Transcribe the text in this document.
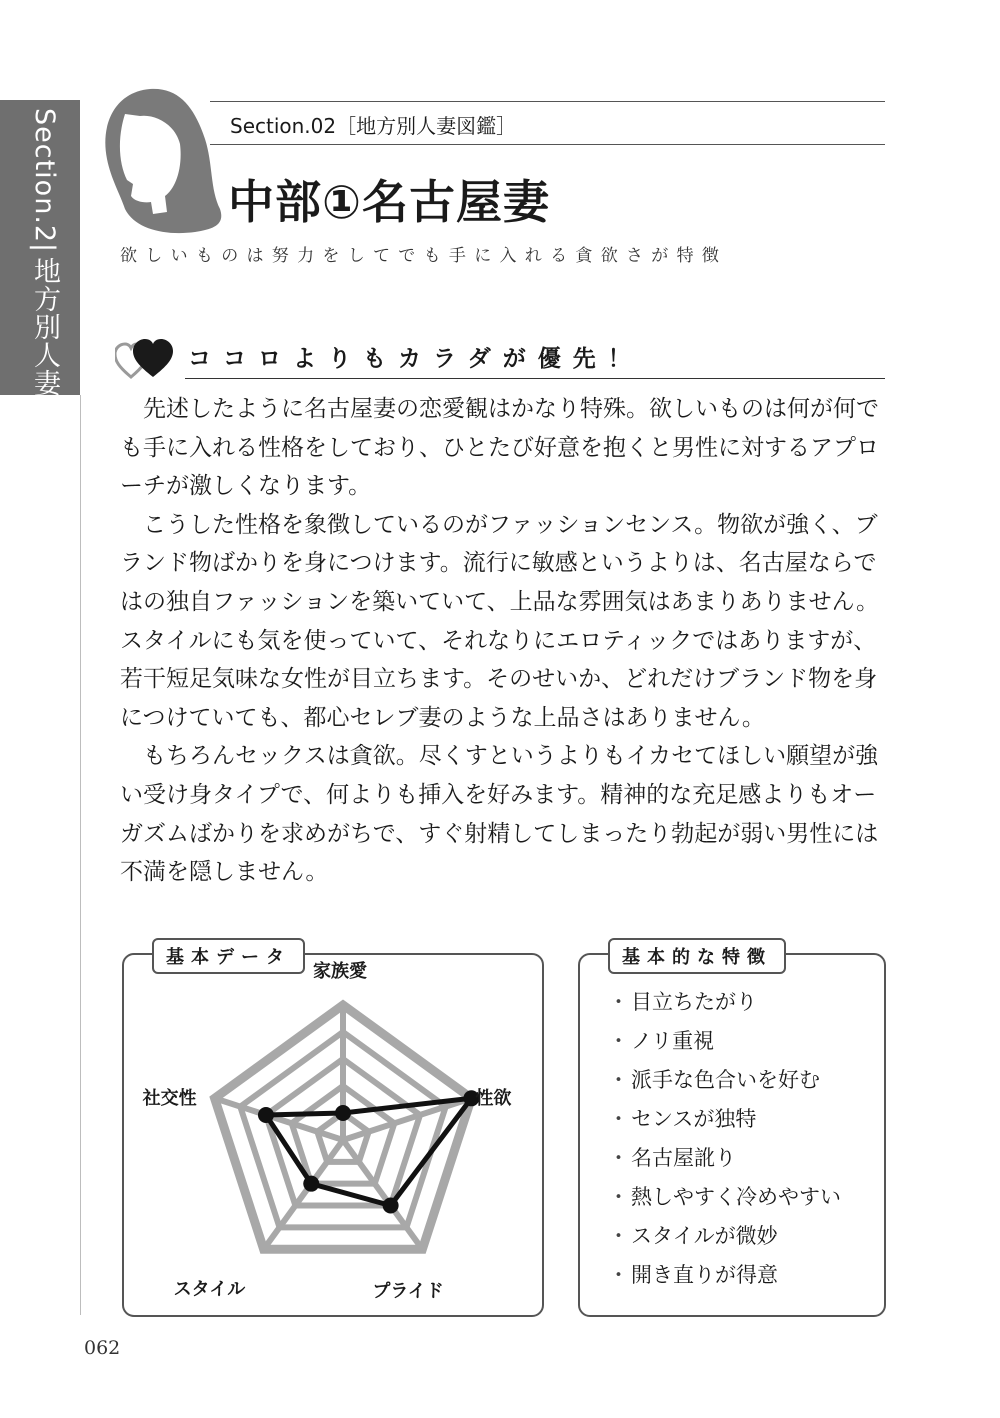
Section.2|地方別人妻図鑑
Section.02［地方別人妻図鑑］
中部①名古屋妻
欲しいものは努力をしてでも手に入れる貪欲さが特徴
ココロよりもカラダが優先！

先述したように名古屋妻の恋愛観はかなり特殊。欲しいものは何が何でも手に入れる性格をしており、ひとたび好意を抱くと男性に対するアプローチが激しくなります。

こうした性格を象徴しているのがファッションセンス。物欲が強く、ブランド物ばかりを身につけます。流行に敏感というよりは、名古屋ならではの独自ファッションを築いていて、上品な雰囲気はあまりありません。スタイルにも気を使っていて、それなりにエロティックではありますが、若干短足気味な女性が目立ちます。そのせいか、どれだけブランド物を身につけていても、都心セレブ妻のような上品さはありません。

もちろんセックスは貪欲。尽くすというよりもイカセてほしい願望が強い受け身タイプで、何よりも挿入を好みます。精神的な充足感よりもオーガズムばかりを求めがちで、すぐ射精してしまったり勃起が弱い男性には不満を隠しません。

基本データ
家族愛
性欲
プライド
スタイル
社交性
基本的な特徴
・ 目立ちたがり
・ ノリ重視
・ 派手な色合いを好む
・ センスが独特
・ 名古屋訛り
・ 熱しやすく冷めやすい
・ スタイルが微妙
・ 開き直りが得意
062
